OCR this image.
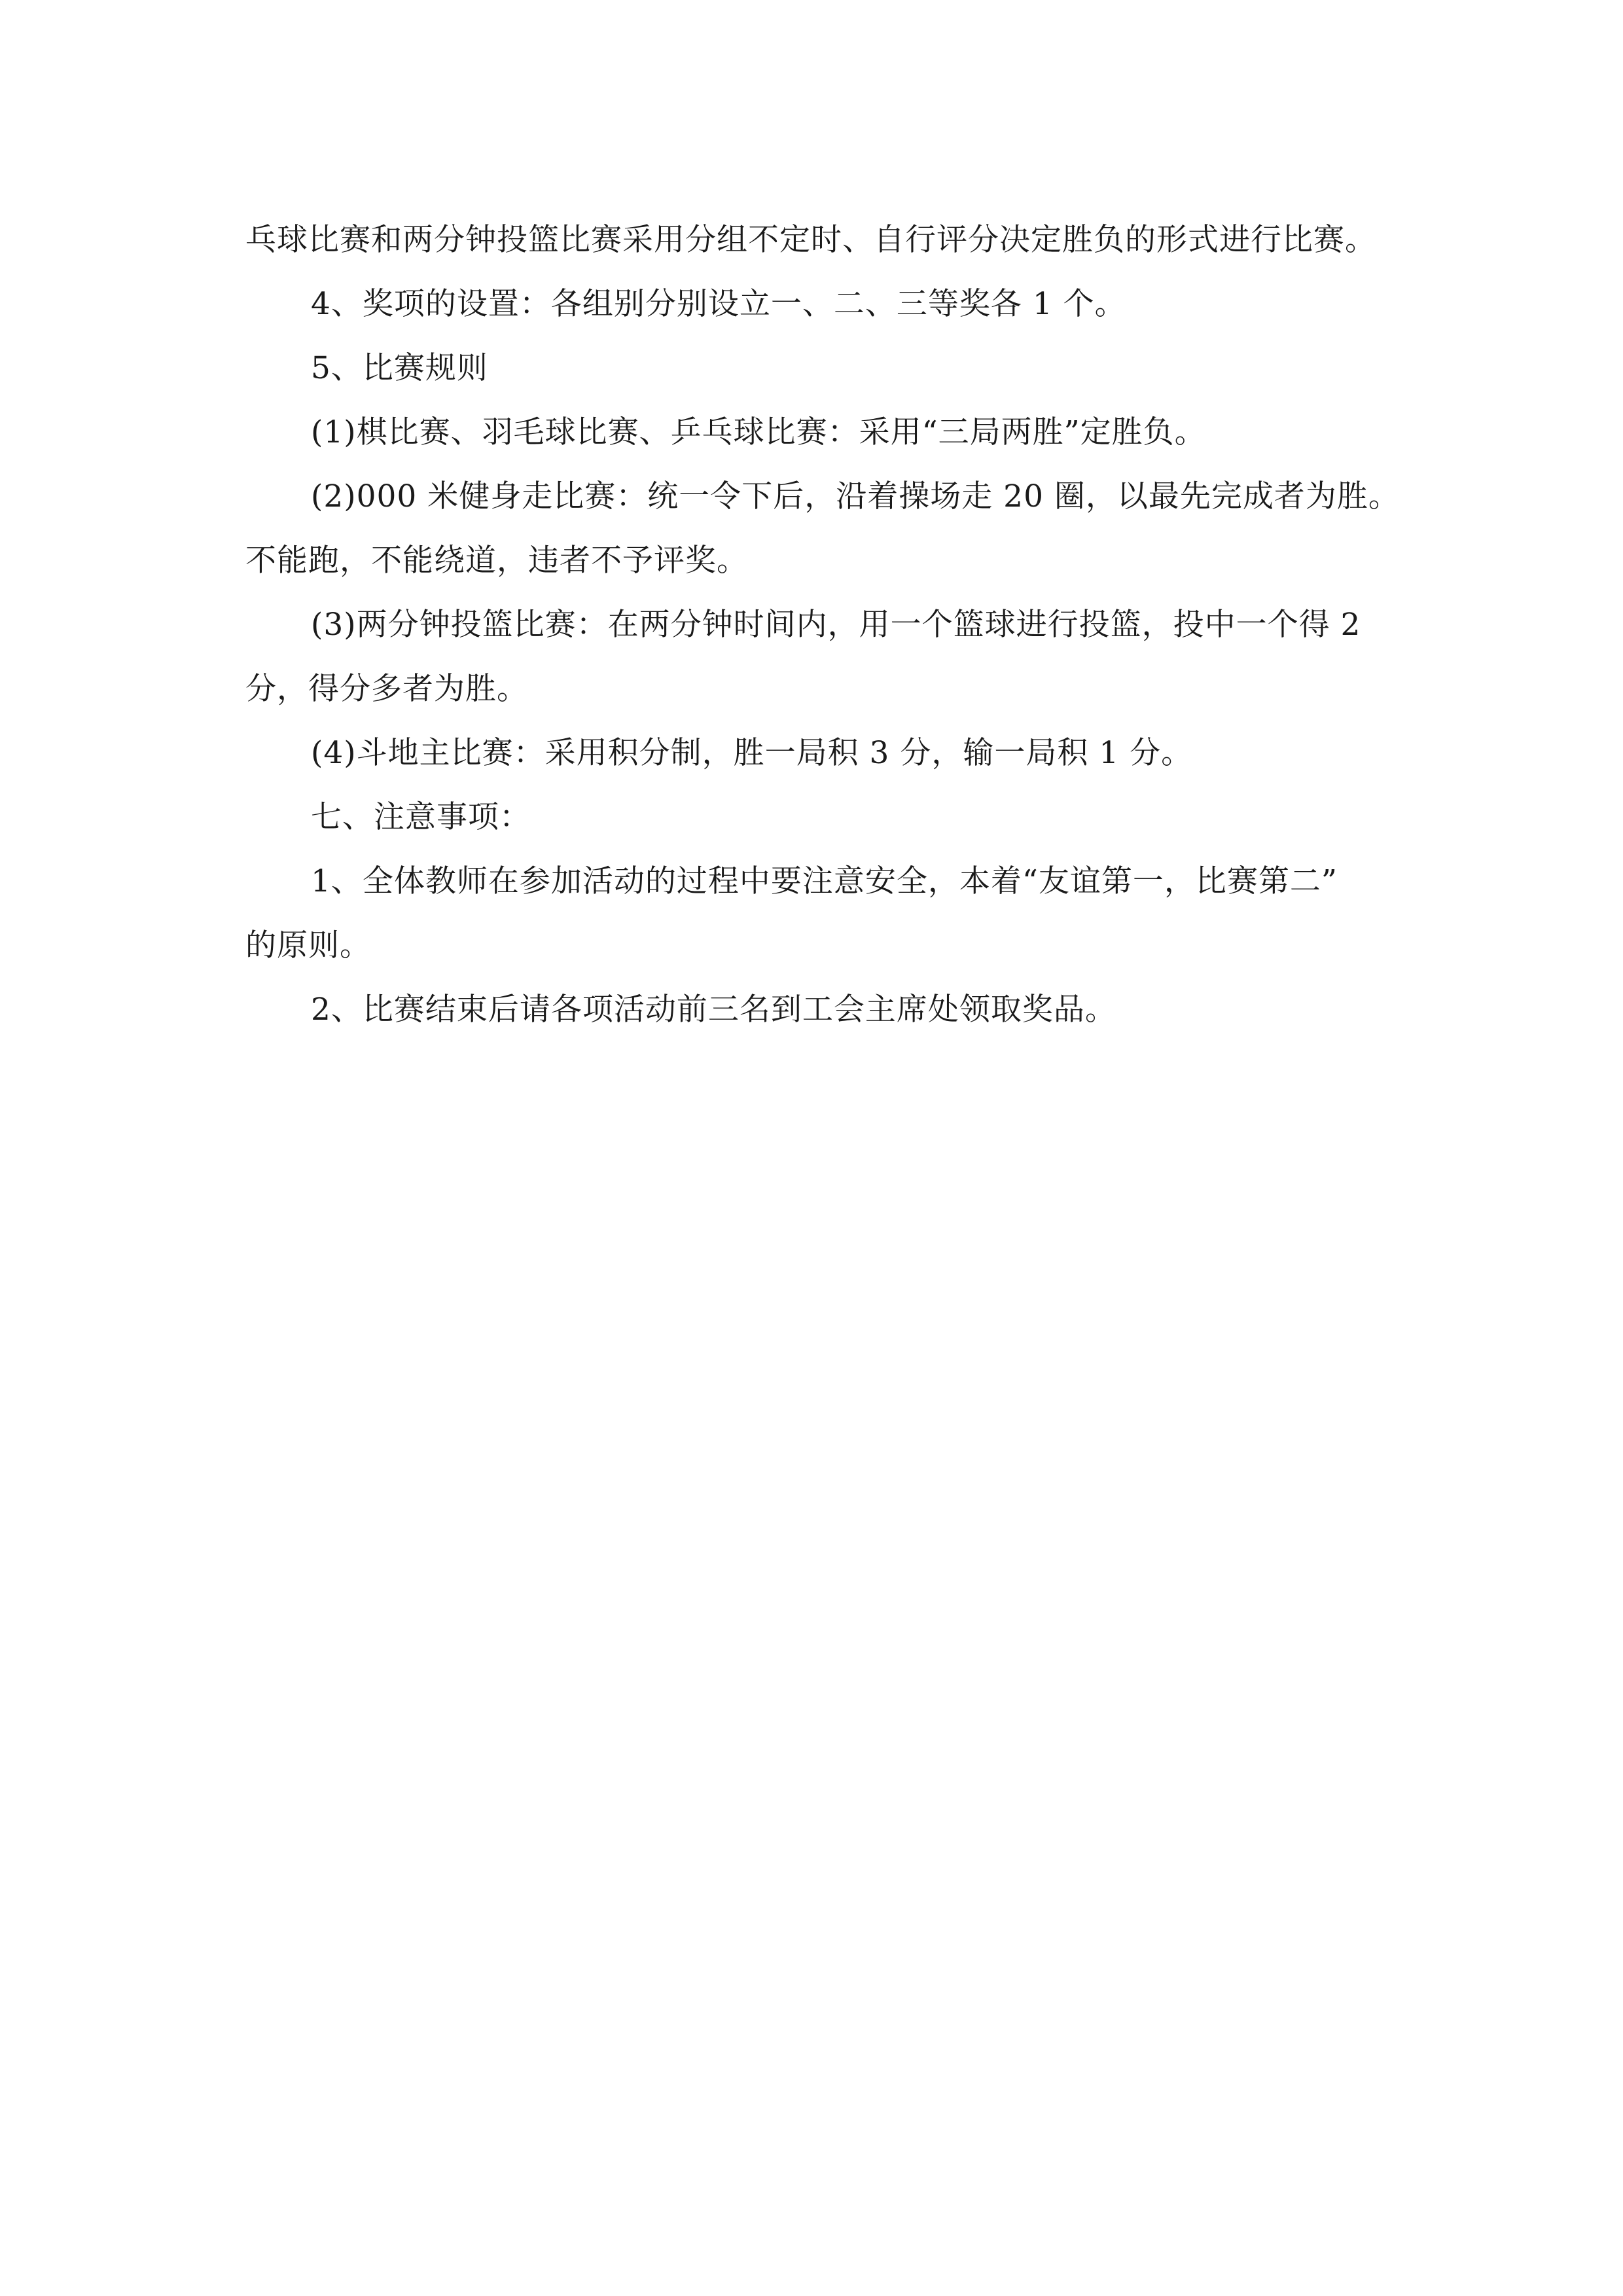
乓球比赛和两分钟投篮比赛采用分组不定时、自行评分决定胜负的形式进行比赛。
4、奖项的设置：各组别分别设立一、二、三等奖各 1 个。
5、比赛规则
(1)棋比赛、羽毛球比赛、乒乓球比赛：采用“三局两胜”定胜负。
(2)000 米健身走比赛：统一令下后，沿着操场走 20 圈，以最先完成者为胜。
不能跑，不能绕道，违者不予评奖。
(3)两分钟投篮比赛：在两分钟时间内，用一个篮球进行投篮，投中一个得 2
分，得分多者为胜。
(4)斗地主比赛：采用积分制，胜一局积 3 分，输一局积 1 分。
七、注意事项：
1、全体教师在参加活动的过程中要注意安全，本着“友谊第一，比赛第二”
的原则。
2、比赛结束后请各项活动前三名到工会主席处领取奖品。
